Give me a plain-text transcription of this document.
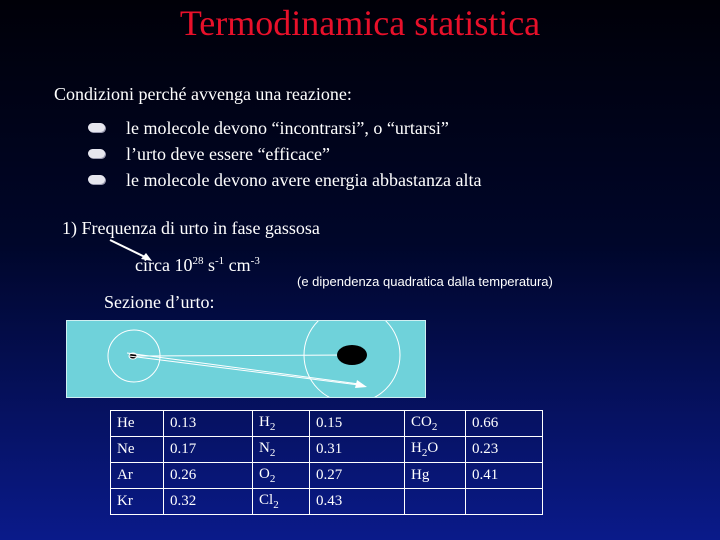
Termodinamica statistica
Condizioni perché avvenga una reazione:
le molecole devono “incontrarsi”, o “urtarsi”
l’urto deve essere “efficace”
le molecole devono avere energia abbastanza alta
1) Frequenza di urto in fase gassosa
circa $10^{28}$ $s^{-1}$ $cm^{-3}$
(e dipendenza quadratica dalla temperatura)
Sezione d’urto:
He	0.13	$H_2$	0.15	$CO_2$	0.66
Ne	0.17	$N_2$	0.31	$H_2O$	0.23
Ar	0.26	$O_2$	0.27	Hg	0.41
Kr	0.32	$Cl_2$	0.43		
